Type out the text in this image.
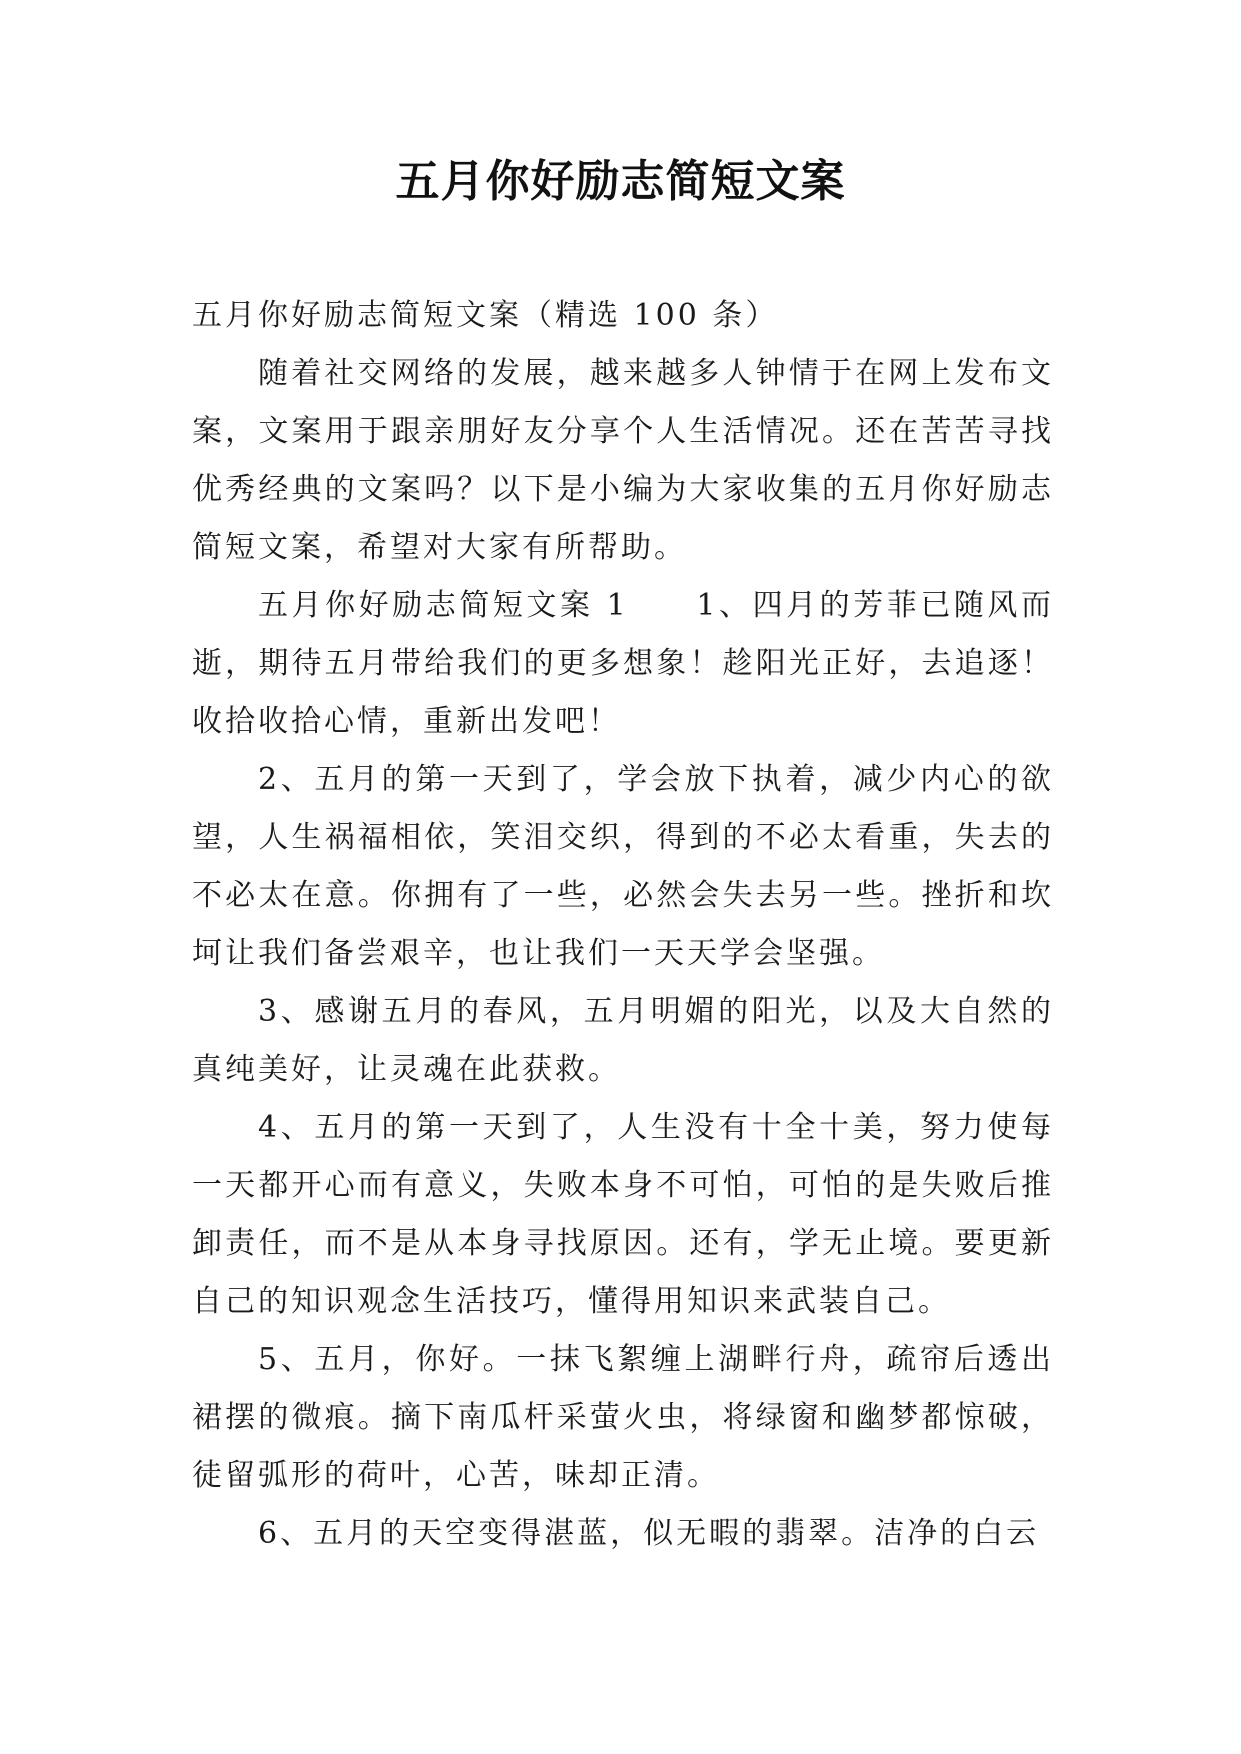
五月你好励志简短文案

五月你好励志简短文案（精选 100 条）

随着社交网络的发展，越来越多人钟情于在网上发布文案，文案用于跟亲朋好友分享个人生活情况。还在苦苦寻找优秀经典的文案吗？以下是小编为大家收集的五月你好励志简短文案，希望对大家有所帮助。

五月你好励志简短文案 1　　1、四月的芳菲已随风而逝，期待五月带给我们的更多想象！趁阳光正好，去追逐！收拾收拾心情，重新出发吧！

2、五月的第一天到了，学会放下执着，减少内心的欲望，人生祸福相依，笑泪交织，得到的不必太看重，失去的不必太在意。你拥有了一些，必然会失去另一些。挫折和坎坷让我们备尝艰辛，也让我们一天天学会坚强。

3、感谢五月的春风，五月明媚的阳光，以及大自然的真纯美好，让灵魂在此获救。

4、五月的第一天到了，人生没有十全十美，努力使每一天都开心而有意义，失败本身不可怕，可怕的是失败后推卸责任，而不是从本身寻找原因。还有，学无止境。要更新自己的知识观念生活技巧，懂得用知识来武装自己。

5、五月，你好。一抹飞絮缠上湖畔行舟，疏帘后透出裙摆的微痕。摘下南瓜杆采萤火虫，将绿窗和幽梦都惊破，徒留弧形的荷叶，心苦，味却正清。

6、五月的天空变得湛蓝，似无暇的翡翠。洁净的白云
